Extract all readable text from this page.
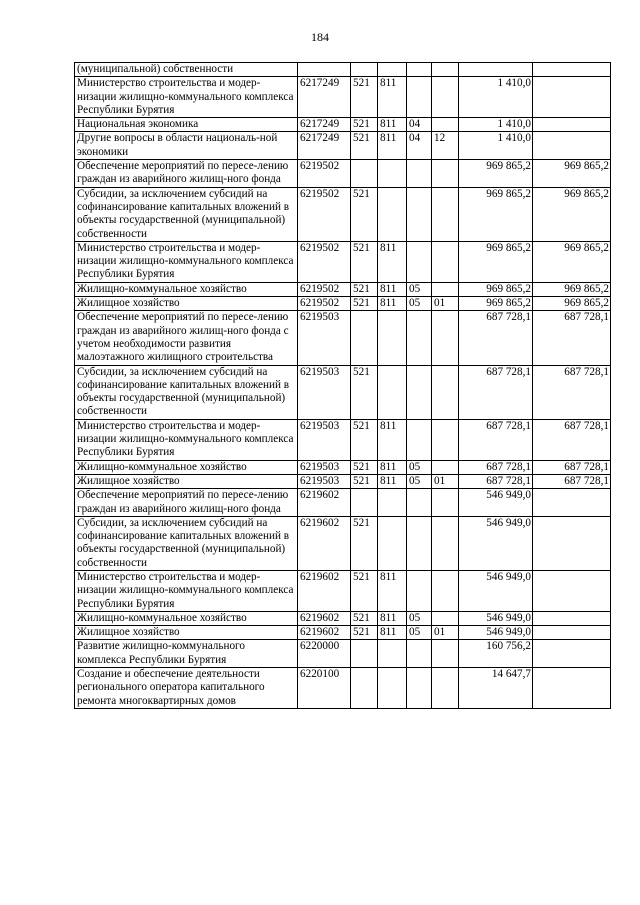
184
(муниципальной) собственности							
Министерство строительства и модер-низации жилищно-коммунального комплекса Республики Бурятия	6217249	521	811			1 410,0	
Национальная экономика	6217249	521	811	04		1 410,0	
Другие вопросы в области националь-ной экономики	6217249	521	811	04	12	1 410,0	
Обеспечение мероприятий по пересе-лению граждан из аварийного жилищ-ного фонда	6219502					969 865,2	969 865,2
Субсидии, за исключением субсидий на софинансирование капитальных вложений в объекты государственной (муниципальной) собственности	6219502	521				969 865,2	969 865,2
Министерство строительства и модер-низации жилищно-коммунального комплекса Республики Бурятия	6219502	521	811			969 865,2	969 865,2
Жилищно-коммунальное хозяйство	6219502	521	811	05		969 865,2	969 865,2
Жилищное хозяйство	6219502	521	811	05	01	969 865,2	969 865,2
Обеспечение мероприятий по пересе-лению граждан из аварийного жилищ-ного фонда с учетом необходимости развития малоэтажного жилищного строительства	6219503					687 728,1	687 728,1
Субсидии, за исключением субсидий на софинансирование капитальных вложений в объекты государственной (муниципальной) собственности	6219503	521				687 728,1	687 728,1
Министерство строительства и модер-низации жилищно-коммунального комплекса Республики Бурятия	6219503	521	811			687 728,1	687 728,1
Жилищно-коммунальное хозяйство	6219503	521	811	05		687 728,1	687 728,1
Жилищное хозяйство	6219503	521	811	05	01	687 728,1	687 728,1
Обеспечение мероприятий по пересе-лению граждан из аварийного жилищ-ного фонда	6219602					546 949,0	
Субсидии, за исключением субсидий на софинансирование капитальных вложений в объекты государственной (муниципальной) собственности	6219602	521				546 949,0	
Министерство строительства и модер-низации жилищно-коммунального комплекса Республики Бурятия	6219602	521	811			546 949,0	
Жилищно-коммунальное хозяйство	6219602	521	811	05		546 949,0	
Жилищное хозяйство	6219602	521	811	05	01	546 949,0	
Развитие жилищно-коммунального комплекса Республики Бурятия	6220000					160 756,2	
Создание и обеспечение деятельности регионального оператора капитального ремонта многоквартирных домов	6220100					14 647,7	
